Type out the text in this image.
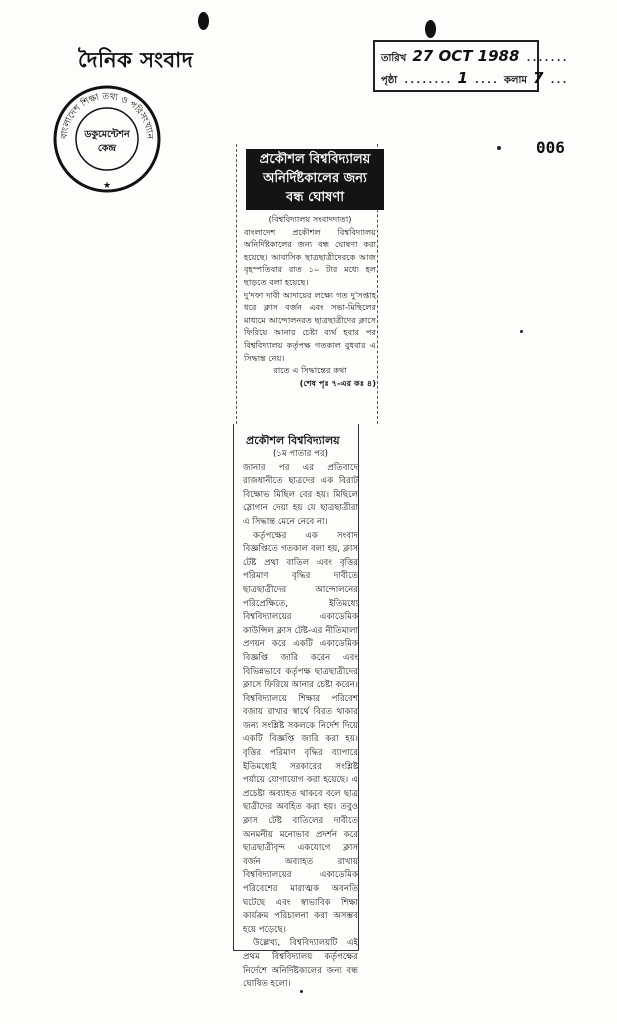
দৈনিক সংবাদ
বাংলাদেশ শিক্ষা তথ্য ও পরিসংখ্যান
ডকুমেন্টেশন
কেন্দ্র
★
তারিখ 27 OCT 1988 .......
পৃষ্ঠা ........ 1 .... কলাম 7 ...
006
প্রকৌশল বিশ্ববিদ্যালয়
অনির্দিষ্টকালের জন্য
বন্ধ ঘোষণা

(বিশ্ববিদ্যালয় সংবাদদাতা)

বাংলাদেশ প্রকৌশল বিশ্ববিদ্যালয় অনির্দিষ্টকালের জন্য বন্ধ ঘোষণা করা হয়েছে। আবাসিক ছাত্রছাত্রীদেরকে আজ বৃহস্পতিবার রাত ১০ টার মধ্যে হল ছাড়তে বলা হয়েছে।

দু'দফা দাবী আদায়ের লক্ষ্যে গত দু'সপ্তাহ ধরে ক্লাস বর্জন এবং সভা-মিছিলের মাধ্যমে আন্দোলনরত ছাত্রছাত্রীদের ক্লাসে ফিরিয়ে আনার চেষ্টা ব্যর্থ হবার পর বিশ্ববিদ্যালয় কর্তৃপক্ষ গতকাল বুধবার এ সিদ্ধান্ত নেয়।

রাতে এ সিদ্ধান্তের কথা

(শেষ পৃঃ ৭-এর কঃ ৪)

প্রকৌশল বিশ্ববিদ্যালয়

(১ম পাতার পর)

জানার পর এর প্রতিবাদে রাজধানীতে ছাত্রদের এক বিরাট বিক্ষোভ মিছিল বের হয়। মিছিলে স্লোগান দেয়া হয় যে ছাত্রছাত্রীরা এ সিদ্ধান্ত মেনে নেবে না।

কর্তৃপক্ষের এক সংবাদ বিজ্ঞপ্তিতে গতকাল বলা হয়, ক্লাস টেষ্ট প্রথা বাতিল এবং বৃত্তির পরিমাণ বৃদ্ধির দাবীতে ছাত্রছাত্রীদের আন্দোলনের পরিপ্রেক্ষিতে, ইতিমধ্যে বিশ্ববিদ্যালয়ের একাডেমিক কাউন্সিল ক্লাস টেষ্ট-এর নীতিমালা প্রণয়ন করে একটি একাডেমিক বিজ্ঞপ্তি জারি করেন এবং বিভিন্নভাবে কর্তৃপক্ষ ছাত্রছাত্রীদের ক্লাসে ফিরিয়ে আনার চেষ্টা করেন। বিশ্ববিদ্যালয়ে শিক্ষার পরিবেশ বজায় রাখার স্বার্থে বিরত থাকার জন্য সংশ্লিষ্ট সকলকে নির্দেশ দিয়ে একটি বিজ্ঞপ্তি জারি করা হয়। বৃত্তির পরিমাণ বৃদ্ধির ব্যাপারে ইতিমধ্যেই সরকারের সংশ্লিষ্ট পর্যায়ে যোগাযোগ করা হয়েছে। এ প্রচেষ্টা অব্যাহত থাকবে বলে ছাত্র ছাত্রীদের অবহিত করা হয়। তবুও ক্লাস টেষ্ট বাতিলের দাবীতে অনমনীয় মনোভাব প্রদর্শন করে ছাত্রছাত্রীবৃন্দ একযোগে ক্লাস বর্জন অব্যাহত রাখায় বিশ্ববিদ্যালয়ের একাডেমিক পরিবেশের মারাত্মক অবনতি ঘটেছে এবং স্বাভাবিক শিক্ষা কার্যক্রম পরিচালনা করা অসম্ভব হয়ে পড়েছে।

উল্লেখ্য, বিশ্ববিদ্যালয়টি এই প্রথম বিশ্ববিদ্যালয় কর্তৃপক্ষের নির্দেশে অনির্দিষ্টকালের জন্য বন্ধ ঘোষিত হলো।
